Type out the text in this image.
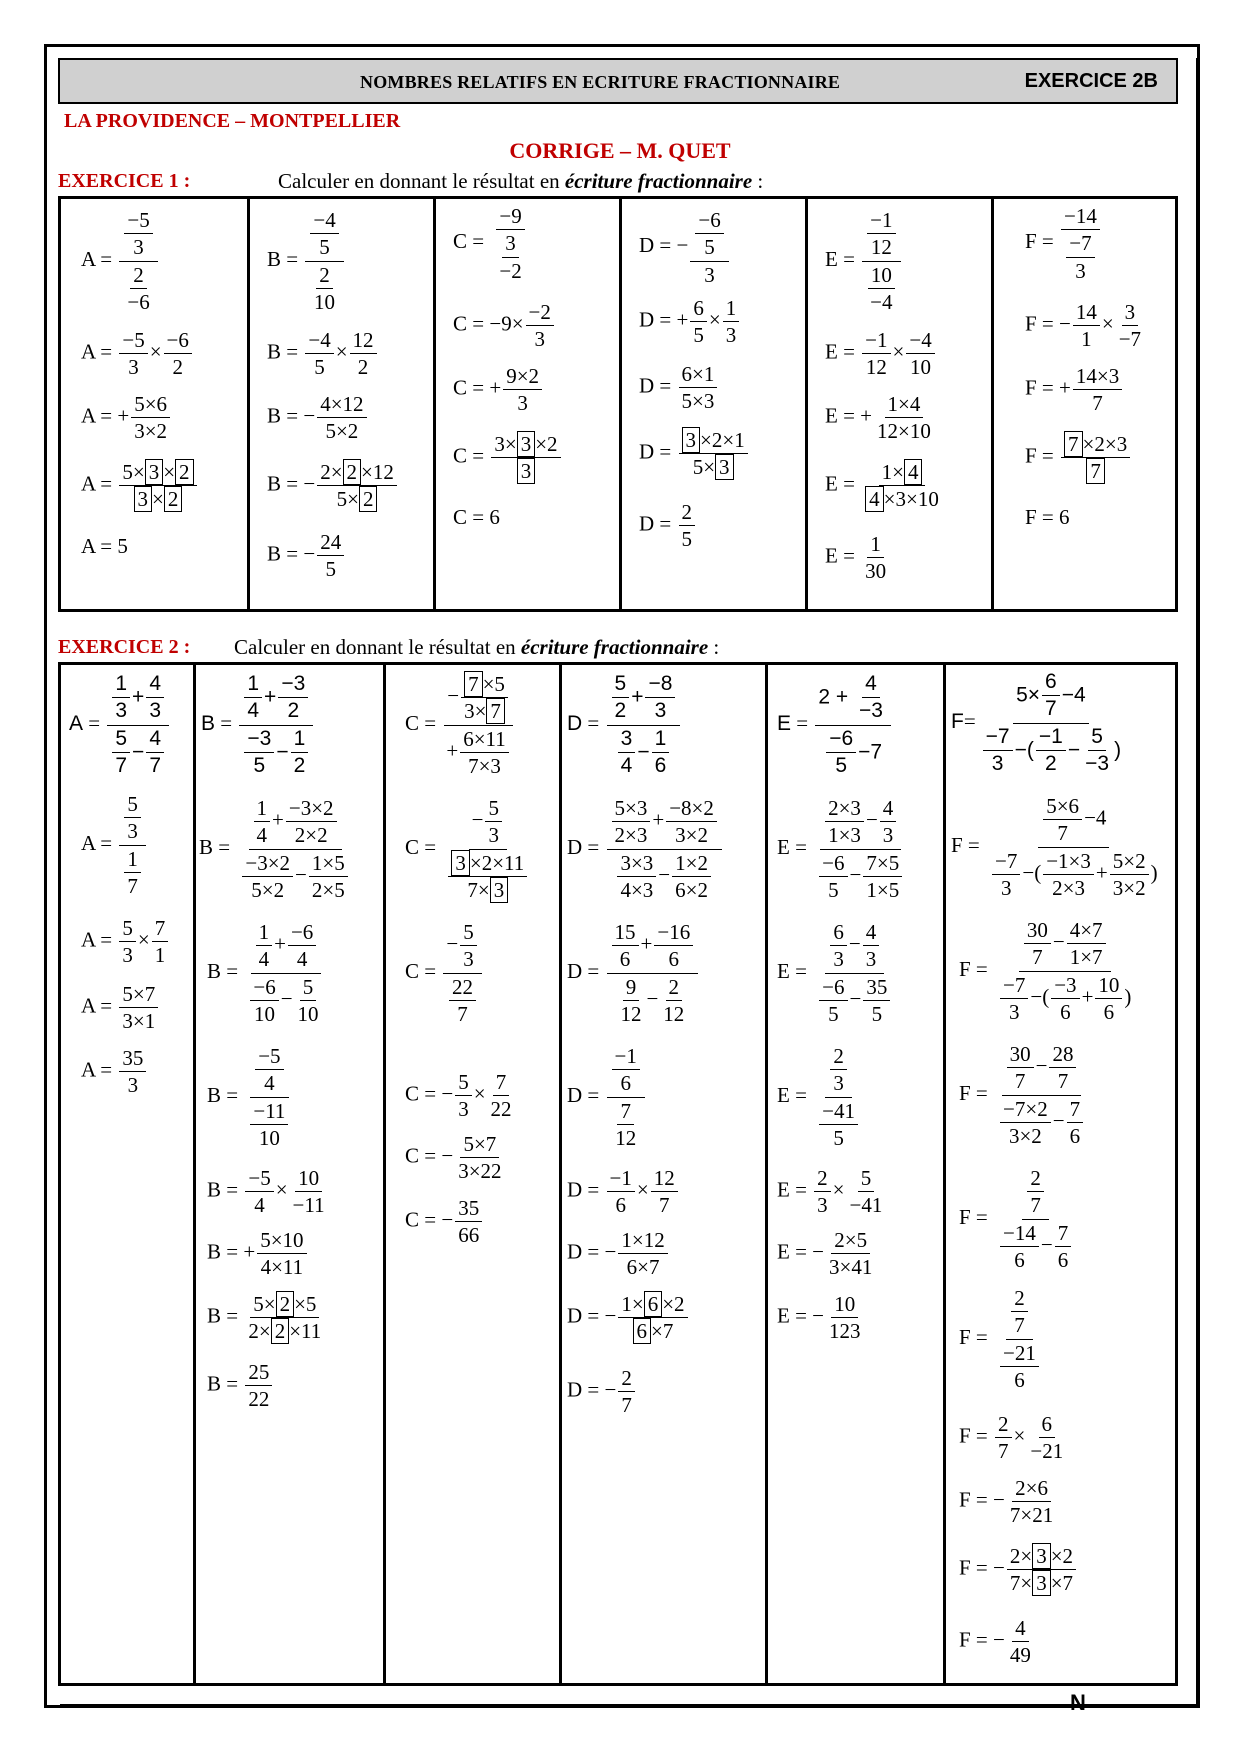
NOMBRES RELATIFS EN ECRITURE FRACTIONNAIRE	EXERCICE 2B
LA PROVIDENCE – MONTPELLIER
CORRIGE – M. QUET
EXERCICE 1 :	Calculer en donnant le résultat en écriture fractionnaire :
$A = \frac{\frac{-5}{3}}{\frac{2}{-6}}$
$A = \frac{-5}{3} \times \frac{-6}{2}$
A = + $\frac{5\times 6}{3\times 2}$
$A = \frac{5\times 3 \times 2}{3 \times 2}$
A = 5
$B = \frac{\frac{-4}{5}}{\frac{2}{10}}$
$B = \frac{-4}{5} \times \frac{12}{2}$
B = − $\frac{4\times 12}{5\times 2}$
B = − $\frac{2\times 2 \times 12}{5\times 2}$
B = − $\frac{24}{5}$
$C = \frac{-9}{\frac{3}{-2}}$
$C = -9\times \frac{-2}{3}$
C = + $\frac{9\times 2}{3}$
$C = \frac{3\times 3 \times 2}{3}$
C = 6
D = − $\frac{\frac{-6}{5}}{3}$
D = + $\frac{6}{5} \times \frac{1}{3}$
$D = \frac{6\times 1}{5\times 3}$
$D = \frac{3 \times 2\times 1}{5\times 3}$
$D = \frac{2}{5}$
$E = \frac{\frac{-1}{12}}{\frac{10}{-4}}$
$E = \frac{-1}{12} \times \frac{-4}{10}$
E = + $\frac{1\times 4}{12\times 10}$
$E = \frac{1\times 4}{4 \times 3\times 10}$
$E = \frac{1}{30}$
$F = \frac{-14}{\frac{-7}{3}}$
F = − $\frac{14}{1} \times \frac{3}{-7}$
F = + $\frac{14\times 3}{7}$
$F = \frac{7 \times 2\times 3}{7}$
F = 6
EXERCICE 2 : Calculer en donnant le résultat en écriture fractionnaire :
$A = \frac{\frac{1}{3} + \frac{4}{3}}{\frac{5}{7} - \frac{4}{7}}$
$A = \frac{\frac{5}{3}}{\frac{1}{7}}$
$A = \frac{5}{3} \times \frac{7}{1}$
$A = \frac{5\times 7}{3\times 1}$
$A = \frac{35}{3}$
$B = \frac{\frac{1}{4} + \frac{-3}{2}}{\frac{-3}{5} - \frac{1}{2}}$
$B = \frac{\frac{1}{4} + \frac{-3\times 2}{2\times 2}}{\frac{-3\times 2}{5\times 2} - \frac{1\times 5}{2\times 5}}$
$B = \frac{\frac{1}{4} + \frac{-6}{4}}{\frac{-6}{10} - \frac{5}{10}}$
$B = \frac{\frac{-5}{4}}{\frac{-11}{10}}$
$B = \frac{-5}{4} \times \frac{10}{-11}$
B = + $\frac{5\times 10}{4\times 11}$
$B = \frac{5\times 2 \times 5}{2\times 2 \times 11}$
$B = \frac{25}{22}$
$C = \frac{- \frac{7 \times 5}{3\times 7}}{+ \frac{6\times 11}{7\times 3}}$
$C = \frac{- \frac{5}{3}}{\frac{3 \times 2\times 11}{7\times 3}}$
$C = \frac{- \frac{5}{3}}{\frac{22}{7}}$
C = − $\frac{5}{3} \times \frac{7}{22}$
C = − $\frac{5\times 7}{3\times 22}$
C = − $\frac{35}{66}$
$D = \frac{\frac{5}{2} + \frac{-8}{3}}{\frac{3}{4} - \frac{1}{6}}$
$D = \frac{\frac{5\times 3}{2\times 3} + \frac{-8\times 2}{3\times 2}}{\frac{3\times 3}{4\times 3} - \frac{1\times 2}{6\times 2}}$
$D = \frac{\frac{15}{6} + \frac{-16}{6}}{\frac{9}{12} - \frac{2}{12}}$
$D = \frac{\frac{-1}{6}}{\frac{7}{12}}$
$D = \frac{-1}{6} \times \frac{12}{7}$
D = − $\frac{1\times 12}{6\times 7}$
D = − $\frac{1\times 6 \times 2}{6 \times 7}$
D = − $\frac{2}{7}$
$E = \frac{2 + \frac{4}{-3}}{\frac{-6}{5} -7}$
$E = \frac{\frac{2\times 3}{1\times 3} - \frac{4}{3}}{\frac{-6}{5} - \frac{7\times 5}{1\times 5}}$
$E = \frac{\frac{6}{3} - \frac{4}{3}}{\frac{-6}{5} - \frac{35}{5}}$
$E = \frac{\frac{2}{3}}{\frac{-41}{5}}$
$E = \frac{2}{3} \times \frac{5}{-41}$
E = − $\frac{2\times 5}{3\times 41}$
E = − $\frac{10}{123}$
$F= \frac{5\times \frac{6}{7} -4}{\frac{-7}{3} -( \frac{-1}{2} - \frac{5}{-3} )}$
$F = \frac{\frac{5\times 6}{7} -4}{\frac{-7}{3} -( \frac{-1\times 3}{2\times 3} + \frac{5\times 2}{3\times 2} )}$
$F = \frac{\frac{30}{7} - \frac{4\times 7}{1\times 7}}{\frac{-7}{3} -( \frac{-3}{6} + \frac{10}{6} )}$
$F = \frac{\frac{30}{7} - \frac{28}{7}}{\frac{-7\times 2}{3\times 2} - \frac{7}{6}}$
$F = \frac{\frac{2}{7}}{\frac{-14}{6} - \frac{7}{6}}$
$F = \frac{\frac{2}{7}}{\frac{-21}{6}}$
$F = \frac{2}{7} \times \frac{6}{-21}$
F = − $\frac{2\times 6}{7\times 21}$
F = − $\frac{2\times 3 \times 2}{7\times 3 \times 7}$
F = − $\frac{4}{49}$
N
